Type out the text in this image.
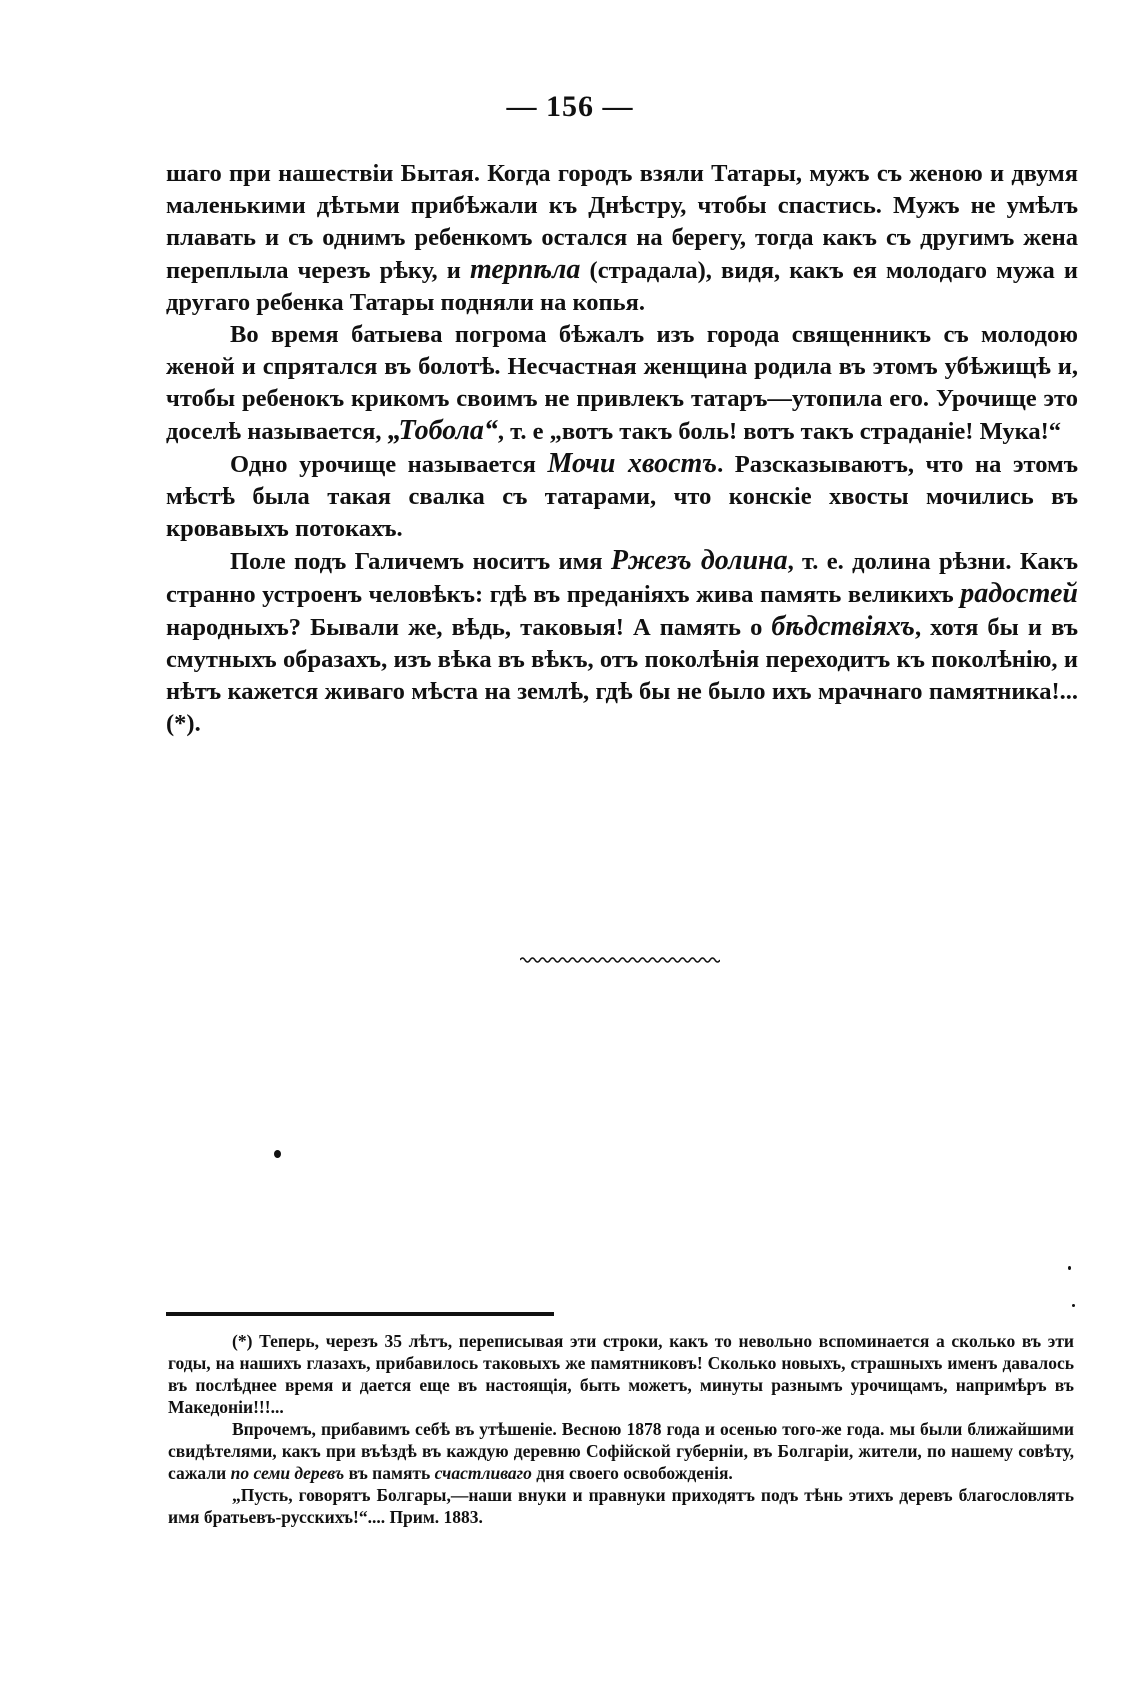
— 156 —

шаго при нашествіи Бытая. Когда городъ взяли Татары, мужъ съ женою и двумя маленькими дѣтьми прибѣжали къ Днѣстру, чтобы спастись. Мужъ не умѣлъ плавать и съ однимъ ребенкомъ остался на берегу, тогда какъ съ другимъ жена переплыла черезъ рѣку, и терпѣла (страдала), видя, какъ ея молодаго мужа и другаго ребенка Татары подняли на копья.

Во время батыева погрома бѣжалъ изъ города священникъ съ молодою женой и спрятался въ болотѣ. Несчастная женщина родила въ этомъ убѣжищѣ и, чтобы ребенокъ крикомъ своимъ не привлекъ татаръ—утопила его. Урочище это доселѣ называется, „Тобола“, т. е „вотъ такъ боль! вотъ такъ страданіе! Мука!“

Одно урочище называется Мочи хвостъ. Разсказываютъ, что на этомъ мѣстѣ была такая свалка съ татарами, что конскіе хвосты мочились въ кровавыхъ потокахъ.

Поле подъ Галичемъ носитъ имя Ржезъ долина, т. е. долина рѣзни. Какъ странно устроенъ человѣкъ: гдѣ въ преданіяхъ жива память великихъ радостей народныхъ? Бывали же, вѣдь, таковыя! А память о бѣдствіяхъ, хотя бы и въ смутныхъ образахъ, изъ вѣка въ вѣкъ, отъ поколѣнія переходитъ къ поколѣнію, и нѣтъ кажется живаго мѣста на землѣ, гдѣ бы не было ихъ мрачнаго памятника!... (*).

(*) Теперь, черезъ 35 лѣтъ, переписывая эти строки, какъ то невольно вспоминается а сколько въ эти годы, на нашихъ глазахъ, прибавилось таковыхъ же памятниковъ! Сколько новыхъ, страшныхъ именъ давалось въ послѣднее время и дается еще въ настоящія, быть можетъ, минуты разнымъ урочищамъ, напримѣръ въ Македоніи!!!...

Впрочемъ, прибавимъ себѣ въ утѣшеніе. Весною 1878 года и осенью того-же года. мы были ближайшими свидѣтелями, какъ при въѣздѣ въ каждую деревню Софійской губерніи, въ Болгаріи, жители, по нашему совѣту, сажали по семи деревъ въ память счастливаго дня своего освобожденія.

„Пусть, говорятъ Болгары,—наши внуки и правнуки приходятъ подъ тѣнь этихъ деревъ благословлять имя братьевъ-русскихъ!“.... Прим. 1883.
